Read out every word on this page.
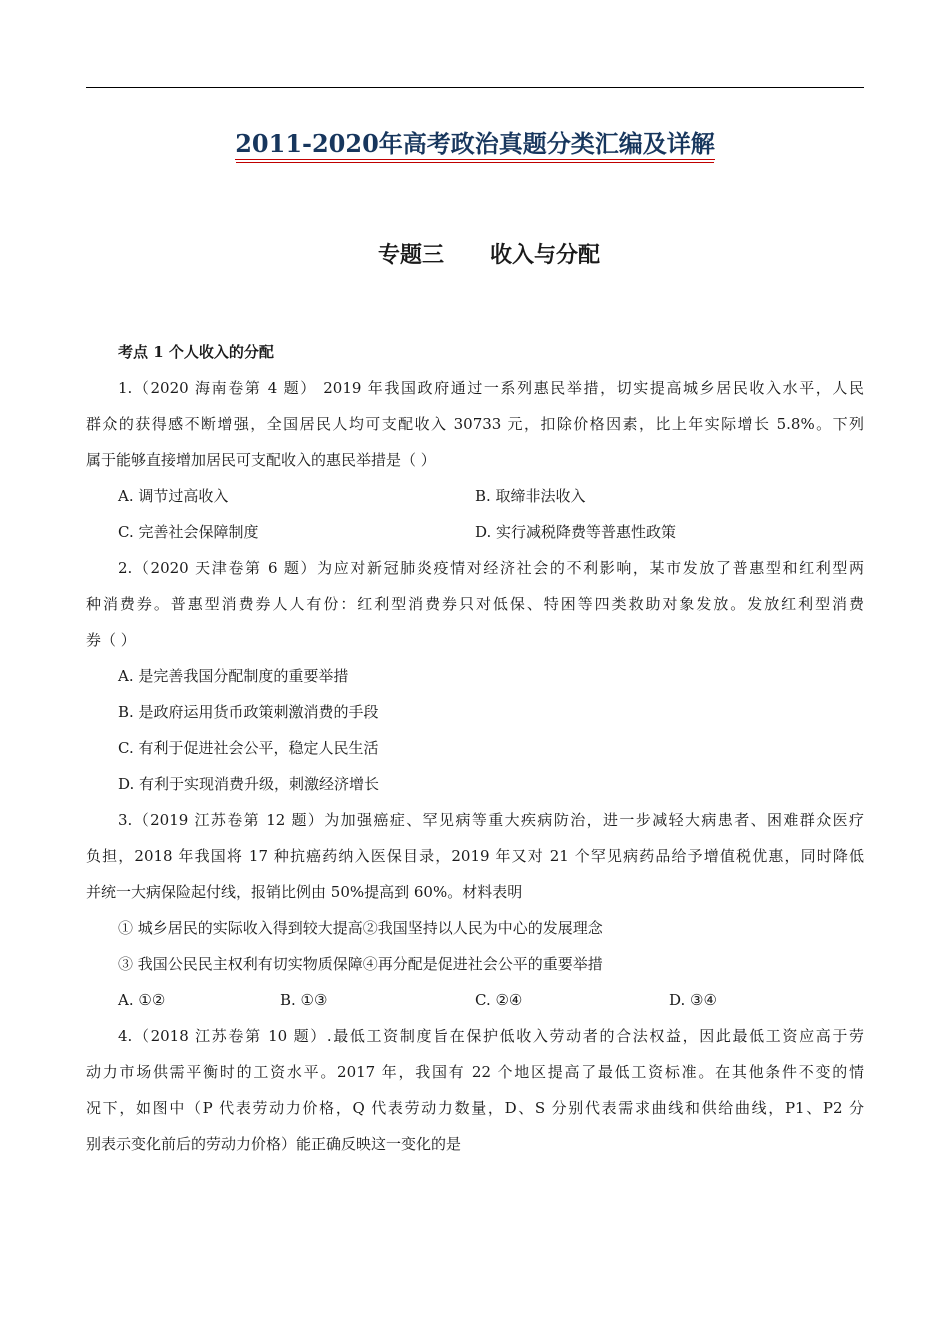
2011-2020年高考政治真题分类汇编及详解
专题三      收入与分配
考点 1 个人收入的分配
1.（2020 海南卷第 4 题） 2019 年我国政府通过一系列惠民举措，切实提高城乡居民收入水平，人民
群众的获得感不断增强，全国居民人均可支配收入 30733 元，扣除价格因素，比上年实际增长 5.8%。下列
属于能够直接增加居民可支配收入的惠民举措是（ ）
A. 调节过高收入	B. 取缔非法收入
C. 完善社会保障制度	D. 实行减税降费等普惠性政策
2.（2020 天津卷第 6 题）为应对新冠肺炎疫情对经济社会的不利影响，某市发放了普惠型和红利型两
种消费券。普惠型消费券人人有份：红利型消费券只对低保、特困等四类救助对象发放。发放红利型消费
券（ ）
A. 是完善我国分配制度的重要举措
B. 是政府运用货币政策刺激消费的手段
C. 有利于促进社会公平，稳定人民生活
D. 有利于实现消费升级，刺激经济增长
3.（2019 江苏卷第 12 题）为加强癌症、罕见病等重大疾病防治，进一步减轻大病患者、困难群众医疗
负担，2018 年我国将 17 种抗癌药纳入医保目录，2019 年又对 21 个罕见病药品给予增值税优惠，同时降低
并统一大病保险起付线，报销比例由 50%提高到 60%。材料表明
① 城乡居民的实际收入得到较大提高②我国坚持以人民为中心的发展理念
③ 我国公民民主权利有切实物质保障④再分配是促进社会公平的重要举措
A. ①②	B. ①③	C. ②④	D. ③④
4.（2018 江苏卷第 10 题）.最低工资制度旨在保护低收入劳动者的合法权益，因此最低工资应高于劳
动力市场供需平衡时的工资水平。2017 年，我国有 22 个地区提高了最低工资标准。在其他条件不变的情
况下，如图中（P 代表劳动力价格，Q 代表劳动力数量，D、S 分别代表需求曲线和供给曲线，P1、P2 分
别表示变化前后的劳动力价格）能正确反映这一变化的是
